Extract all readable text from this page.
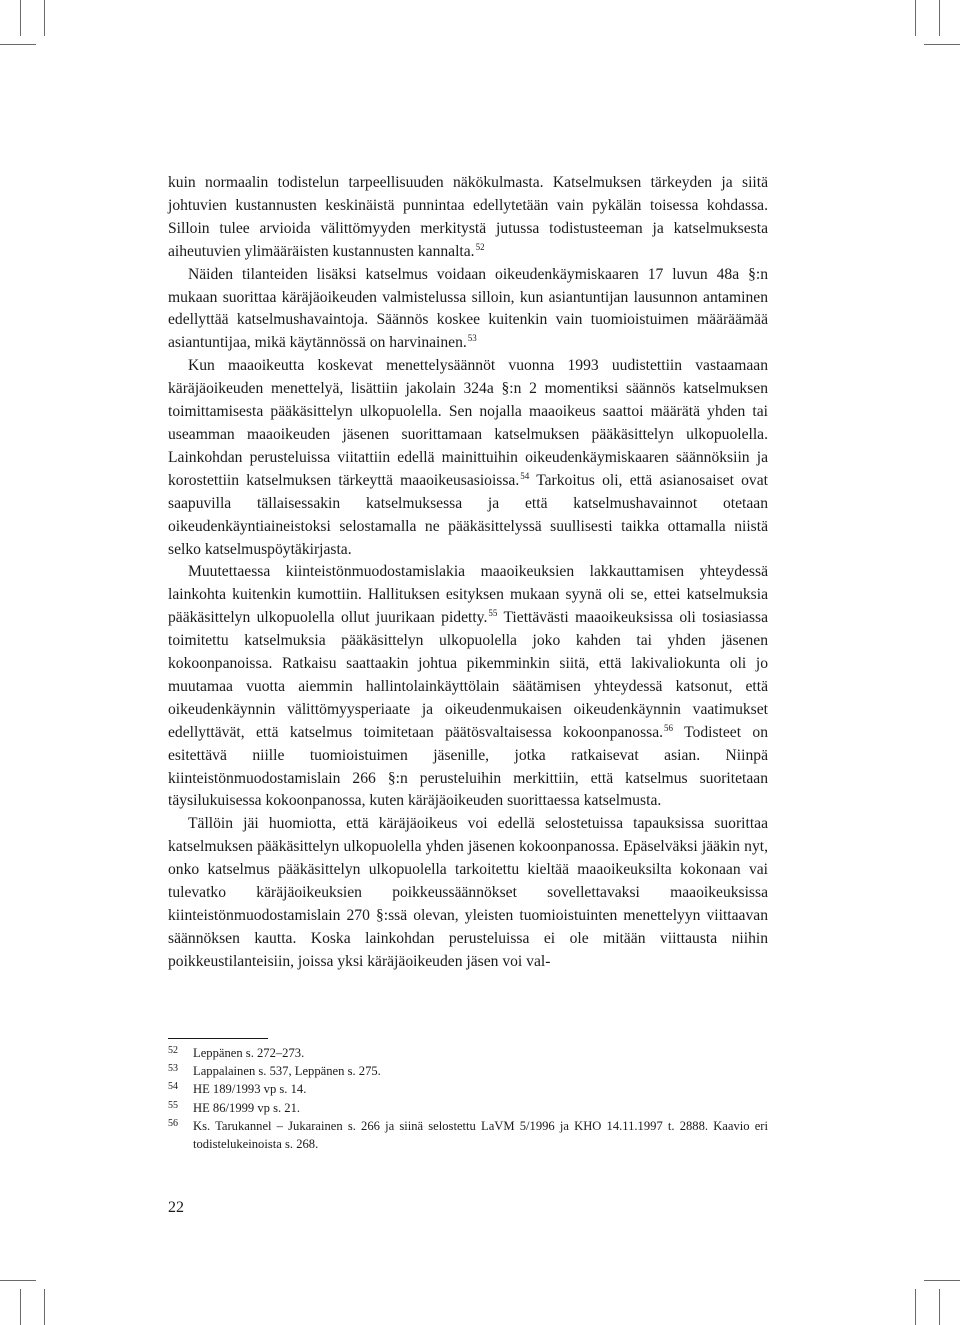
kuin normaalin todistelun tarpeellisuuden näkökulmasta. Katselmuksen tärkeyden ja siitä johtuvien kustannusten keskinäistä punnintaa edellytetään vain pykälän toisessa kohdassa. Silloin tulee arvioida välittömyyden merkitystä jutussa todistusteeman ja katselmuksesta aiheutuvien ylimääräisten kustannusten kannalta.$^{52}$

Näiden tilanteiden lisäksi katselmus voidaan oikeudenkäymiskaaren 17 luvun 48a §:n mukaan suorittaa käräjäoikeuden valmistelussa silloin, kun asiantuntijan lausunnon antaminen edellyttää katselmushavaintoja. Säännös koskee kuitenkin vain tuomioistuimen määräämää asiantuntijaa, mikä käytännössä on harvinainen.$^{53}$

Kun maaoikeutta koskevat menettelysäännöt vuonna 1993 uudistettiin vastaamaan käräjäoikeuden menettelyä, lisättiin jakolain 324a §:n 2 momentiksi säännös katselmuksen toimittamisesta pääkäsittelyn ulkopuolella. Sen nojalla maaoikeus saattoi määrätä yhden tai useamman maaoikeuden jäsenen suorittamaan katselmuksen pääkäsittelyn ulkopuolella. Lainkohdan perusteluissa viitattiin edellä mainittuihin oikeudenkäymiskaaren säännöksiin ja korostettiin katselmuksen tärkeyttä maaoikeusasioissa.$^{54}$ Tarkoitus oli, että asianosaiset ovat saapuvilla tällaisessakin katselmuksessa ja että katselmushavainnot otetaan oikeudenkäyntiaineistoksi selostamalla ne pääkäsittelyssä suullisesti taikka ottamalla niistä selko katselmuspöytäkirjasta.

Muutettaessa kiinteistönmuodostamislakia maaoikeuksien lakkauttamisen yhteydessä lainkohta kuitenkin kumottiin. Hallituksen esityksen mukaan syynä oli se, ettei katselmuksia pääkäsittelyn ulkopuolella ollut juurikaan pidetty.$^{55}$ Tiettävästi maaoikeuksissa oli tosiasiassa toimitettu katselmuksia pääkäsittelyn ulkopuolella joko kahden tai yhden jäsenen kokoonpanoissa. Ratkaisu saattaakin johtua pikemminkin siitä, että lakivaliokunta oli jo muutamaa vuotta aiemmin hallintolainkäyttölain säätämisen yhteydessä katsonut, että oikeudenkäynnin välittömyysperiaate ja oikeudenmukaisen oikeudenkäynnin vaatimukset edellyttävät, että katselmus toimitetaan päätösvaltaisessa kokoonpanossa.$^{56}$ Todisteet on esitettävä niille tuomioistuimen jäsenille, jotka ratkaisevat asian. Niinpä kiinteistönmuodostamislain 266 §:n perusteluihin merkittiin, että katselmus suoritetaan täysilukuisessa kokoonpanossa, kuten käräjäoikeuden suorittaessa katselmusta.

Tällöin jäi huomiotta, että käräjäoikeus voi edellä selostetuissa tapauksissa suorittaa katselmuksen pääkäsittelyn ulkopuolella yhden jäsenen kokoonpanossa. Epäselväksi jääkin nyt, onko katselmus pääkäsittelyn ulkopuolella tarkoitettu kieltää maaoikeuksilta kokonaan vai tulevatko käräjäoikeuksien poikkeussäännökset sovellettavaksi maaoikeuksissa kiinteistönmuodostamislain 270 §:ssä olevan, yleisten tuomioistuinten menettelyyn viittaavan säännöksen kautta. Koska lainkohdan perusteluissa ei ole mitään viittausta niihin poikkeustilanteisiin, joissa yksi käräjäoikeuden jäsen voi val-

52	Leppänen s. 272–273.
53	Lappalainen s. 537, Leppänen s. 275.
54	HE 189/1993 vp s. 14.
55	HE 86/1999 vp s. 21.
56	Ks. Tarukannel – Jukarainen s. 266 ja siinä selostettu LaVM 5/1996 ja KHO 14.11.1997 t. 2888. Kaavio eri todistelukeinoista s. 268.
22
